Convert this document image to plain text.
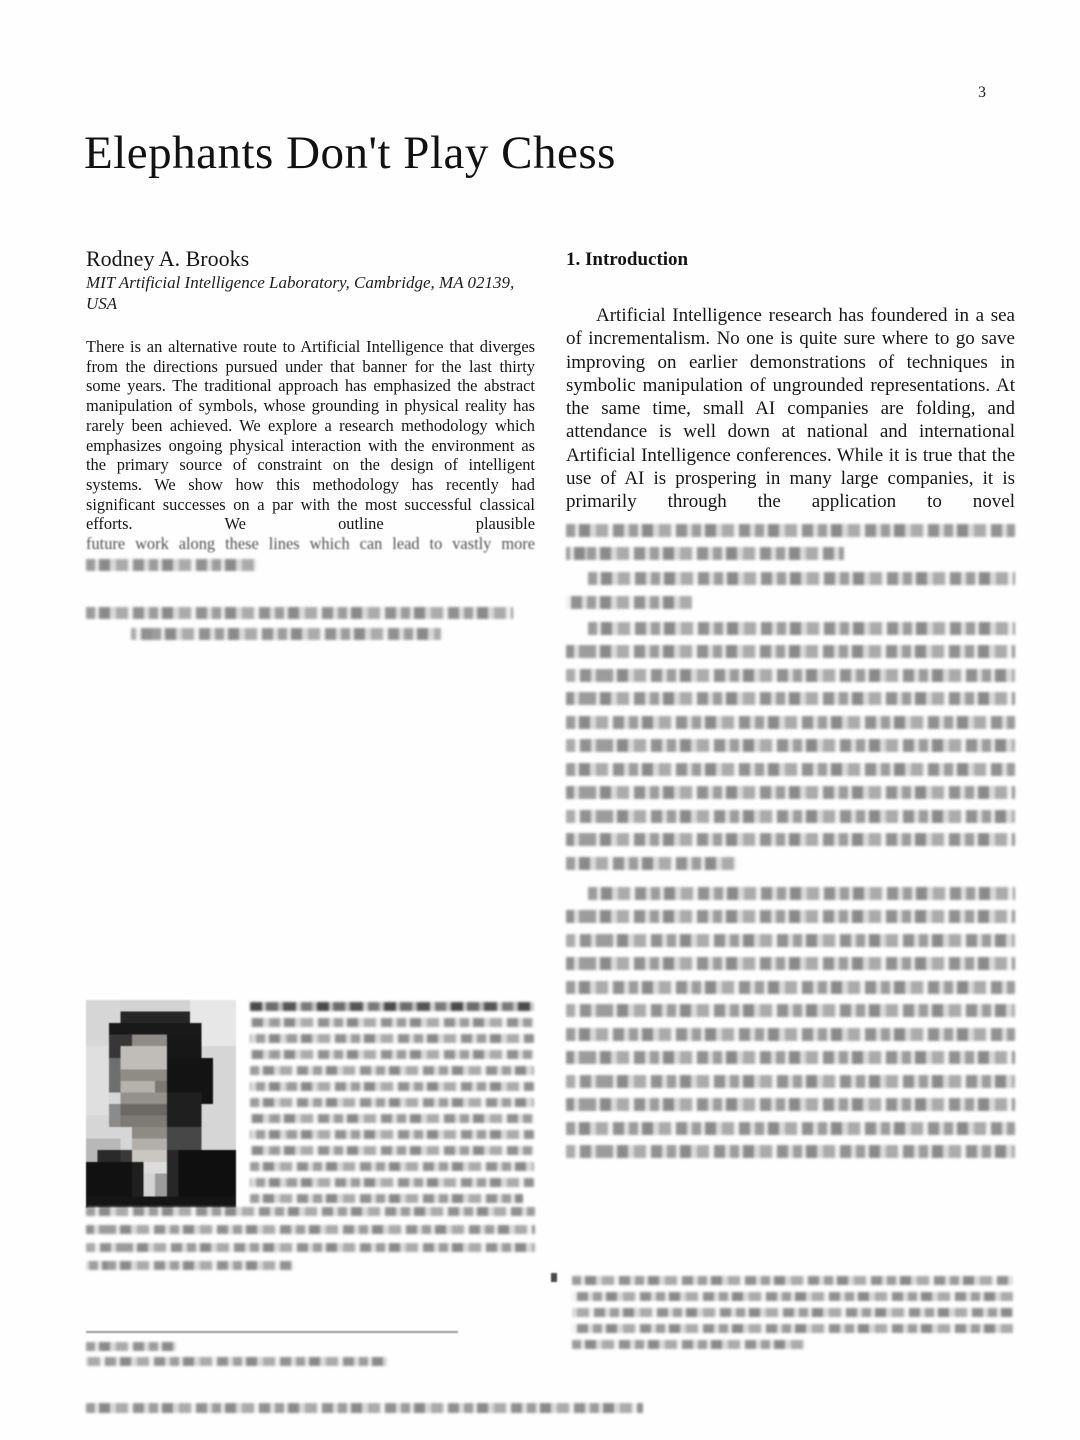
3
Elephants Don't Play Chess
Rodney A. Brooks
MIT Artificial Intelligence Laboratory, Cambridge, MA 02139,
USA
There is an alternative route to Artificial Intelligence that diverges from the directions pursued under that banner for the last thirty some years. The traditional approach has emphasized the abstract manipulation of symbols, whose grounding in physical reality has rarely been achieved. We explore a research methodology which emphasizes ongoing physical interaction with the environment as the primary source of constraint on the design of intelligent systems. We show how this methodology has recently had significant successes on a par with the most successful classical efforts. We outline plausible
future work along these lines which can lead to vastly more
1. Introduction
Artificial Intelligence research has foundered in a sea of incrementalism. No one is quite sure where to go save improving on earlier demonstrations of techniques in symbolic manipulation of ungrounded representations. At the same time, small AI companies are folding, and attendance is well down at national and international Artificial Intelligence conferences. While it is true that the use of AI is prospering in many large companies, it is primarily through the application to novel
